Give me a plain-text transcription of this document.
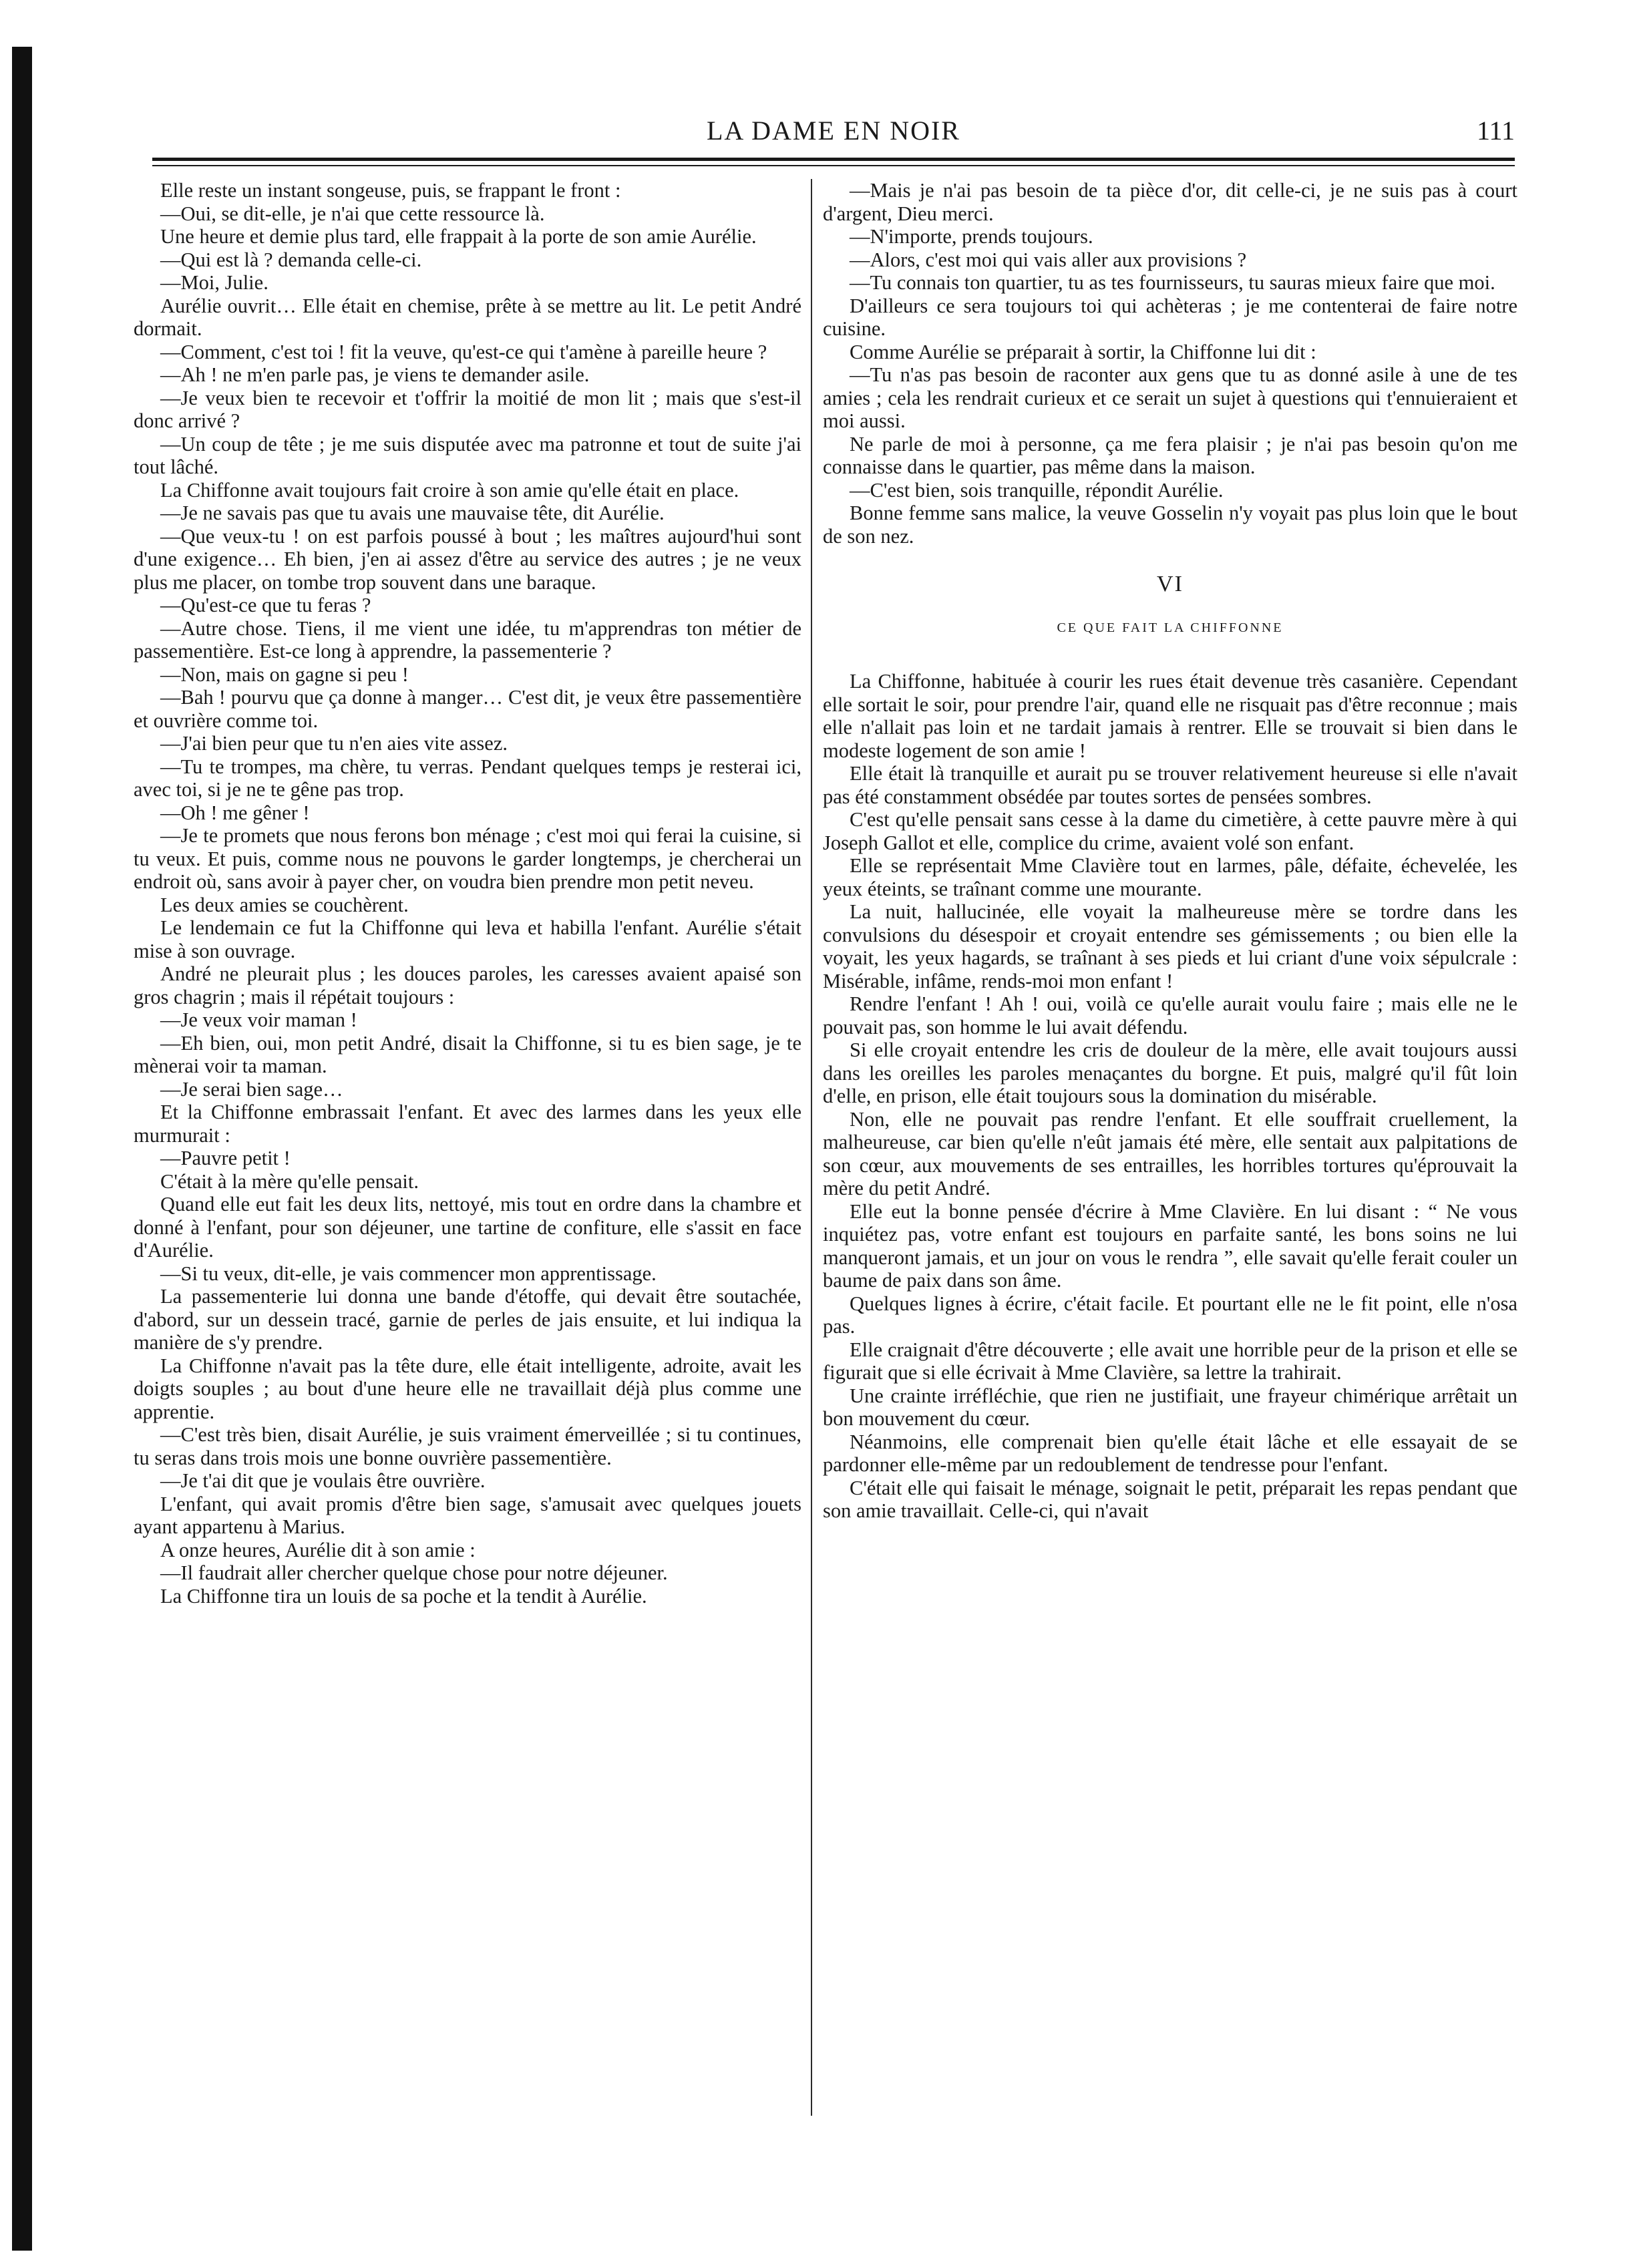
LA DAME EN NOIR	111

Elle reste un instant songeuse, puis, se frappant le front :

—Oui, se dit-elle, je n'ai que cette ressource là.

Une heure et demie plus tard, elle frappait à la porte de son amie Aurélie.

—Qui est là ? demanda celle-ci.

—Moi, Julie.

Aurélie ouvrit… Elle était en chemise, prête à se mettre au lit. Le petit André dormait.

—Comment, c'est toi ! fit la veuve, qu'est-ce qui t'amène à pareille heure ?

—Ah ! ne m'en parle pas, je viens te demander asile.

—Je veux bien te recevoir et t'offrir la moitié de mon lit ; mais que s'est-il donc arrivé ?

—Un coup de tête ; je me suis disputée avec ma patronne et tout de suite j'ai tout lâché.

La Chiffonne avait toujours fait croire à son amie qu'elle était en place.

—Je ne savais pas que tu avais une mauvaise tête, dit Aurélie.

—Que veux-tu ! on est parfois poussé à bout ; les maîtres aujourd'hui sont d'une exigence… Eh bien, j'en ai assez d'être au service des autres ; je ne veux plus me placer, on tombe trop souvent dans une baraque.

—Qu'est-ce que tu feras ?

—Autre chose. Tiens, il me vient une idée, tu m'apprendras ton métier de passementière. Est-ce long à apprendre, la passementerie ?

—Non, mais on gagne si peu !

—Bah ! pourvu que ça donne à manger… C'est dit, je veux être passementière et ouvrière comme toi.

—J'ai bien peur que tu n'en aies vite assez.

—Tu te trompes, ma chère, tu verras. Pendant quelques temps je resterai ici, avec toi, si je ne te gêne pas trop.

—Oh ! me gêner !

—Je te promets que nous ferons bon ménage ; c'est moi qui ferai la cuisine, si tu veux. Et puis, comme nous ne pouvons le garder longtemps, je chercherai un endroit où, sans avoir à payer cher, on voudra bien prendre mon petit neveu.

Les deux amies se couchèrent.

Le lendemain ce fut la Chiffonne qui leva et habilla l'enfant. Aurélie s'était mise à son ouvrage.

André ne pleurait plus ; les douces paroles, les caresses avaient apaisé son gros chagrin ; mais il répétait toujours :

—Je veux voir maman !

—Eh bien, oui, mon petit André, disait la Chiffonne, si tu es bien sage, je te mènerai voir ta maman.

—Je serai bien sage…

Et la Chiffonne embrassait l'enfant. Et avec des larmes dans les yeux elle murmurait :

—Pauvre petit !

C'était à la mère qu'elle pensait.

Quand elle eut fait les deux lits, nettoyé, mis tout en ordre dans la chambre et donné à l'enfant, pour son déjeuner, une tartine de confiture, elle s'assit en face d'Aurélie.

—Si tu veux, dit-elle, je vais commencer mon apprentissage.

La passementerie lui donna une bande d'étoffe, qui devait être soutachée, d'abord, sur un dessein tracé, garnie de perles de jais ensuite, et lui indiqua la manière de s'y prendre.

La Chiffonne n'avait pas la tête dure, elle était intelligente, adroite, avait les doigts souples ; au bout d'une heure elle ne travaillait déjà plus comme une apprentie.

—C'est très bien, disait Aurélie, je suis vraiment émerveillée ; si tu continues, tu seras dans trois mois une bonne ouvrière passementière.

—Je t'ai dit que je voulais être ouvrière.

L'enfant, qui avait promis d'être bien sage, s'amusait avec quelques jouets ayant appartenu à Marius.

A onze heures, Aurélie dit à son amie :

—Il faudrait aller chercher quelque chose pour notre déjeuner.

La Chiffonne tira un louis de sa poche et la tendit à Aurélie.

—Mais je n'ai pas besoin de ta pièce d'or, dit celle-ci, je ne suis pas à court d'argent, Dieu merci.

—N'importe, prends toujours.

—Alors, c'est moi qui vais aller aux provisions ?

—Tu connais ton quartier, tu as tes fournisseurs, tu sauras mieux faire que moi.

D'ailleurs ce sera toujours toi qui achèteras ; je me contenterai de faire notre cuisine.

Comme Aurélie se préparait à sortir, la Chiffonne lui dit :

—Tu n'as pas besoin de raconter aux gens que tu as donné asile à une de tes amies ; cela les rendrait curieux et ce serait un sujet à questions qui t'ennuieraient et moi aussi.

Ne parle de moi à personne, ça me fera plaisir ; je n'ai pas besoin qu'on me connaisse dans le quartier, pas même dans la maison.

—C'est bien, sois tranquille, répondit Aurélie.

Bonne femme sans malice, la veuve Gosselin n'y voyait pas plus loin que le bout de son nez.

VI
CE QUE FAIT LA CHIFFONNE

La Chiffonne, habituée à courir les rues était devenue très casanière. Cependant elle sortait le soir, pour prendre l'air, quand elle ne risquait pas d'être reconnue ; mais elle n'allait pas loin et ne tardait jamais à rentrer. Elle se trouvait si bien dans le modeste logement de son amie !

Elle était là tranquille et aurait pu se trouver relativement heureuse si elle n'avait pas été constamment obsédée par toutes sortes de pensées sombres.

C'est qu'elle pensait sans cesse à la dame du cimetière, à cette pauvre mère à qui Joseph Gallot et elle, complice du crime, avaient volé son enfant.

Elle se représentait Mme Clavière tout en larmes, pâle, défaite, échevelée, les yeux éteints, se traînant comme une mourante.

La nuit, hallucinée, elle voyait la malheureuse mère se tordre dans les convulsions du désespoir et croyait entendre ses gémissements ; ou bien elle la voyait, les yeux hagards, se traînant à ses pieds et lui criant d'une voix sépulcrale : Misérable, infâme, rends-moi mon enfant !

Rendre l'enfant ! Ah ! oui, voilà ce qu'elle aurait voulu faire ; mais elle ne le pouvait pas, son homme le lui avait défendu.

Si elle croyait entendre les cris de douleur de la mère, elle avait toujours aussi dans les oreilles les paroles menaçantes du borgne. Et puis, malgré qu'il fût loin d'elle, en prison, elle était toujours sous la domination du misérable.

Non, elle ne pouvait pas rendre l'enfant. Et elle souffrait cruellement, la malheureuse, car bien qu'elle n'eût jamais été mère, elle sentait aux palpitations de son cœur, aux mouvements de ses entrailles, les horribles tortures qu'éprouvait la mère du petit André.

Elle eut la bonne pensée d'écrire à Mme Clavière. En lui disant : “ Ne vous inquiétez pas, votre enfant est toujours en parfaite santé, les bons soins ne lui manqueront jamais, et un jour on vous le rendra ”, elle savait qu'elle ferait couler un baume de paix dans son âme.

Quelques lignes à écrire, c'était facile. Et pourtant elle ne le fit point, elle n'osa pas.

Elle craignait d'être découverte ; elle avait une horrible peur de la prison et elle se figurait que si elle écrivait à Mme Clavière, sa lettre la trahirait.

Une crainte irréfléchie, que rien ne justifiait, une frayeur chimérique arrêtait un bon mouvement du cœur.

Néanmoins, elle comprenait bien qu'elle était lâche et elle essayait de se pardonner elle-même par un redoublement de tendresse pour l'enfant.

C'était elle qui faisait le ménage, soignait le petit, préparait les repas pendant que son amie travaillait. Celle-ci, qui n'avait
